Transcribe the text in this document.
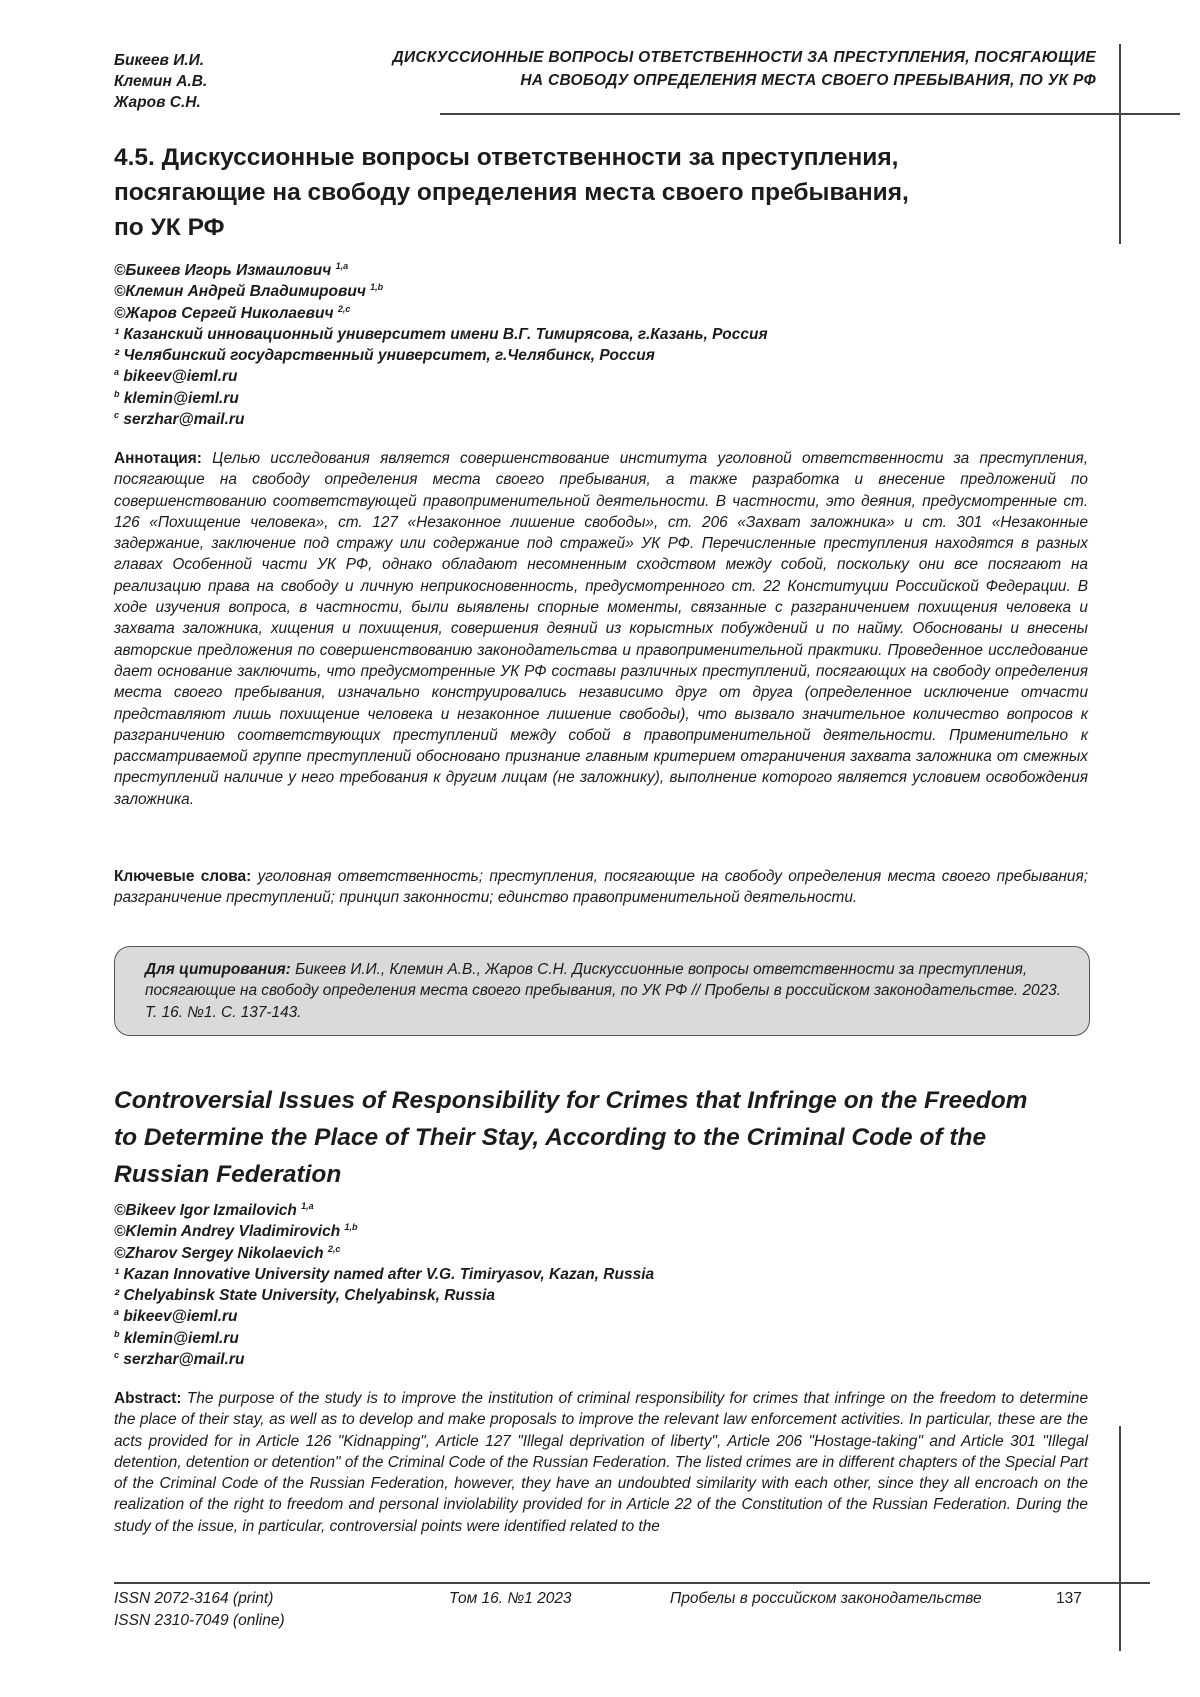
Бикеев И.И.
Клемин А.В.
Жаров С.Н.
ДИСКУССИОННЫЕ ВОПРОСЫ ОТВЕТСТВЕННОСТИ ЗА ПРЕСТУПЛЕНИЯ, ПОСЯГАЮЩИЕ
НА СВОБОДУ ОПРЕДЕЛЕНИЯ МЕСТА СВОЕГО ПРЕБЫВАНИЯ, ПО УК РФ
4.5. Дискуссионные вопросы ответственности за преступления,
посягающие на свободу определения места своего пребывания,
по УК РФ
©Бикеев Игорь Измаилович $^{1,a}$
©Клемин Андрей Владимирович $^{1,b}$
©Жаров Сергей Николаевич $^{2,c}$
¹ Казанский инновационный университет имени В.Г. Тимирясова, г.Казань, Россия
² Челябинский государственный университет, г.Челябинск, Россия
$^a$ bikeev@ieml.ru
$^b$ klemin@ieml.ru
$^c$ serzhar@mail.ru
Аннотация: Целью исследования является совершенствование института уголовной ответственности за преступления, посягающие на свободу определения места своего пребывания, а также разработка и внесение предложений по совершенствованию соответствующей правоприменительной деятельности. В частности, это деяния, предусмотренные ст. 126 «Похищение человека», ст. 127 «Незаконное лишение свободы», ст. 206 «Захват заложника» и ст. 301 «Незаконные задержание, заключение под стражу или содержание под стражей» УК РФ. Перечисленные преступления находятся в разных главах Особенной части УК РФ, однако обладают несомненным сходством между собой, поскольку они все посягают на реализацию права на свободу и личную неприкосновенность, предусмотренного ст. 22 Конституции Российской Федерации. В ходе изучения вопроса, в частности, были выявлены спорные моменты, связанные с разграничением похищения человека и захвата заложника, хищения и похищения, совершения деяний из корыстных побуждений и по найму. Обоснованы и внесены авторские предложения по совершенствованию законодательства и правоприменительной практики. Проведенное исследование дает основание заключить, что предусмотренные УК РФ составы различных преступлений, посягающих на свободу определения места своего пребывания, изначально конструировались независимо друг от друга (определенное исключение отчасти представляют лишь похищение человека и незаконное лишение свободы), что вызвало значительное количество вопросов к разграничению соответствующих преступлений между собой в правоприменительной деятельности. Применительно к рассматриваемой группе преступлений обосновано признание главным критерием отграничения захвата заложника от смежных преступлений наличие у него требования к другим лицам (не заложнику), выполнение которого является условием освобождения заложника.
Ключевые слова: уголовная ответственность; преступления, посягающие на свободу определения места своего пребывания; разграничение преступлений; принцип законности; единство правоприменительной деятельности.
Для цитирования: Бикеев И.И., Клемин А.В., Жаров С.Н. Дискуссионные вопросы ответственности за преступления, посягающие на свободу определения места своего пребывания, по УК РФ // Пробелы в российском законодательстве. 2023. Т. 16. №1. С. 137-143.
Controversial Issues of Responsibility for Crimes that Infringe on the Freedom
to Determine the Place of Their Stay, According to the Criminal Code of the
Russian Federation
©Bikeev Igor Izmailovich $^{1,a}$
©Klemin Andrey Vladimirovich $^{1,b}$
©Zharov Sergey Nikolaevich $^{2,c}$
¹ Kazan Innovative University named after V.G. Timiryasov, Kazan, Russia
² Chelyabinsk State University, Chelyabinsk, Russia
$^a$ bikeev@ieml.ru
$^b$ klemin@ieml.ru
$^c$ serzhar@mail.ru
Abstract: The purpose of the study is to improve the institution of criminal responsibility for crimes that infringe on the freedom to determine the place of their stay, as well as to develop and make proposals to improve the relevant law enforcement activities. In particular, these are the acts provided for in Article 126 "Kidnapping", Article 127 "Illegal deprivation of liberty", Article 206 "Hostage-taking" and Article 301 "Illegal detention, detention or detention" of the Criminal Code of the Russian Federation. The listed crimes are in different chapters of the Special Part of the Criminal Code of the Russian Federation, however, they have an undoubted similarity with each other, since they all encroach on the realization of the right to freedom and personal inviolability provided for in Article 22 of the Constitution of the Russian Federation. During the study of the issue, in particular, controversial points were identified related to the
ISSN 2072-3164 (print)
ISSN 2310-7049 (online)
Том 16. №1 2023	Пробелы в российском законодательстве	137
